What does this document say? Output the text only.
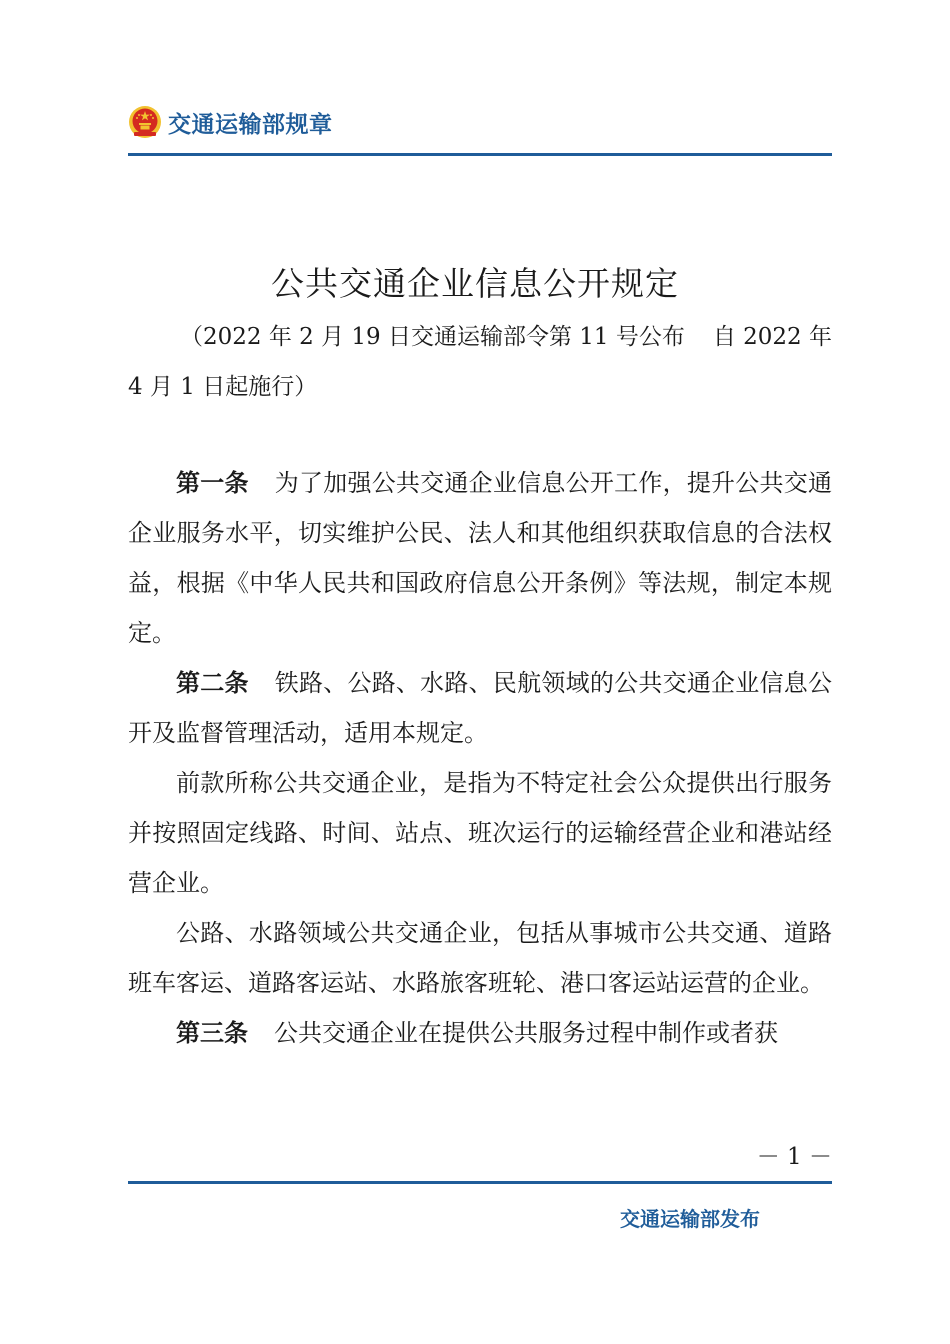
交通运输部规章
公共交通企业信息公开规定
（2022 年 2 月 19 日交通运输部令第 11 号公布 自 2022 年
4 月 1 日起施行）

第一条 为了加强公共交通企业信息公开工作，提升公共交通企业服务水平，切实维护公民、法人和其他组织获取信息的合法权益，根据《中华人民共和国政府信息公开条例》等法规，制定本规定。

第二条 铁路、公路、水路、民航领域的公共交通企业信息公开及监督管理活动，适用本规定。

前款所称公共交通企业，是指为不特定社会公众提供出行服务并按照固定线路、时间、站点、班次运行的运输经营企业和港站经营企业。

公路、水路领域公共交通企业，包括从事城市公共交通、道路班车客运、道路客运站、水路旅客班轮、港口客运站运营的企业。

第三条 公共交通企业在提供公共服务过程中制作或者获

－ 1 －
交通运输部发布
